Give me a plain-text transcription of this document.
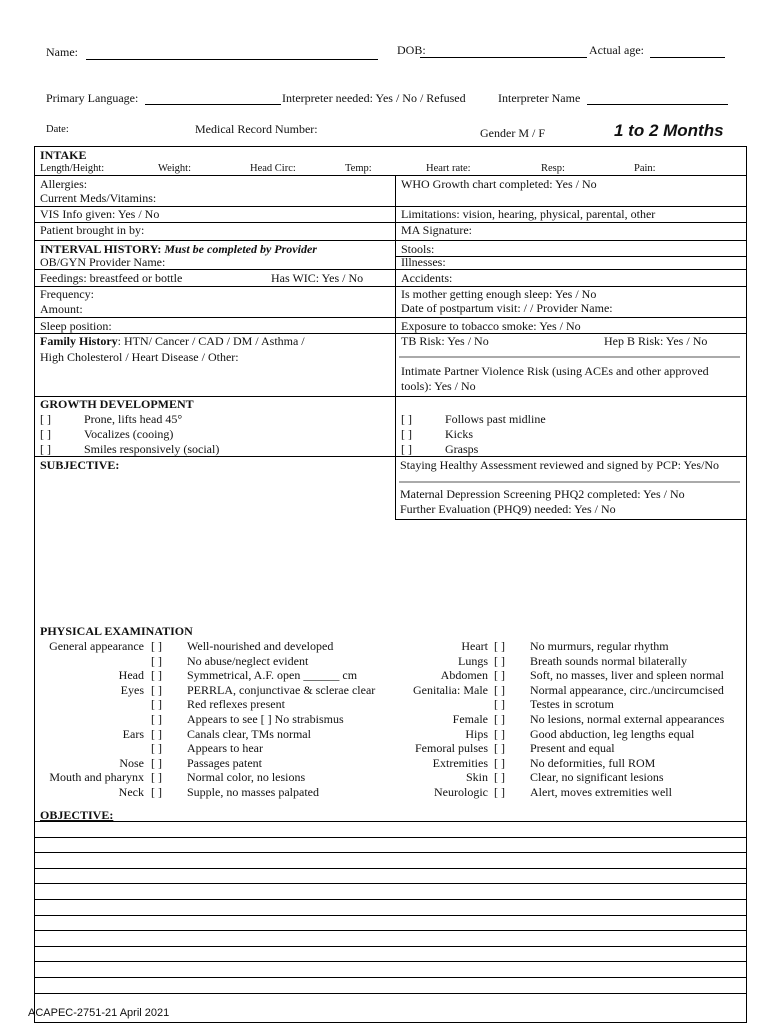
Name:	DOB:	Actual age:
Primary Language:	Interpreter needed: Yes / No / Refused	Interpreter Name
Date:	Medical Record Number:	Gender M / F	1 to 2 Months
INTAKE
Length/Height:	Weight:	Head Circ:	Temp:	Heart rate:	Resp:	Pain:
Allergies:
Current Meds/Vitamins:
WHO Growth chart completed: Yes / No
VIS Info given: Yes / No	Limitations: vision, hearing, physical, parental, other
Patient brought in by:	MA Signature:
INTERVAL HISTORY: Must be completed by Provider
OB/GYN Provider Name:
Stools:
Illnesses:
Feedings: breastfeed or bottle	Has WIC: Yes / No	Accidents:
Frequency:
Amount:
Is mother getting enough sleep: Yes / No
Date of postpartum visit: / / Provider Name:
Sleep position:	Exposure to tobacco smoke: Yes / No
Family History: HTN/ Cancer / CAD / DM / Asthma /
High Cholesterol / Heart Disease / Other:
TB Risk: Yes / No	Hep B Risk: Yes / No
Intimate Partner Violence Risk (using ACEs and other approved
tools): Yes / No
GROWTH DEVELOPMENT
[ ]	Prone, lifts head 45°
[ ]	Vocalizes (cooing)
[ ]	Smiles responsively (social)
[ ]	Follows past midline
[ ]	Kicks
[ ]	Grasps
SUBJECTIVE:	Staying Healthy Assessment reviewed and signed by PCP: Yes/No
Maternal Depression Screening PHQ2 completed: Yes / No
Further Evaluation (PHQ9) needed: Yes / No
PHYSICAL EXAMINATION
General appearance [ ] Well-nourished and developed
[ ] No abuse/neglect evident
Head [ ] Symmetrical, A.F. open ______ cm
Eyes [ ] PERRLA, conjunctivae & sclerae clear
[ ] Red reflexes present
[ ] Appears to see [ ] No strabismus
Ears [ ] Canals clear, TMs normal
[ ] Appears to hear
Nose [ ] Passages patent
Mouth and pharynx [ ] Normal color, no lesions
Neck [ ] Supple, no masses palpated
Heart [ ] No murmurs, regular rhythm
Lungs [ ] Breath sounds normal bilaterally
Abdomen [ ] Soft, no masses, liver and spleen normal
Genitalia: Male [ ] Normal appearance, circ./uncircumcised
[ ] Testes in scrotum
Female [ ] No lesions, normal external appearances
Hips [ ] Good abduction, leg lengths equal
Femoral pulses [ ] Present and equal
Extremities [ ] No deformities, full ROM
Skin [ ] Clear, no significant lesions
Neurologic [ ] Alert, moves extremities well
OBJECTIVE:
ACAPEC-2751-21 April 2021
